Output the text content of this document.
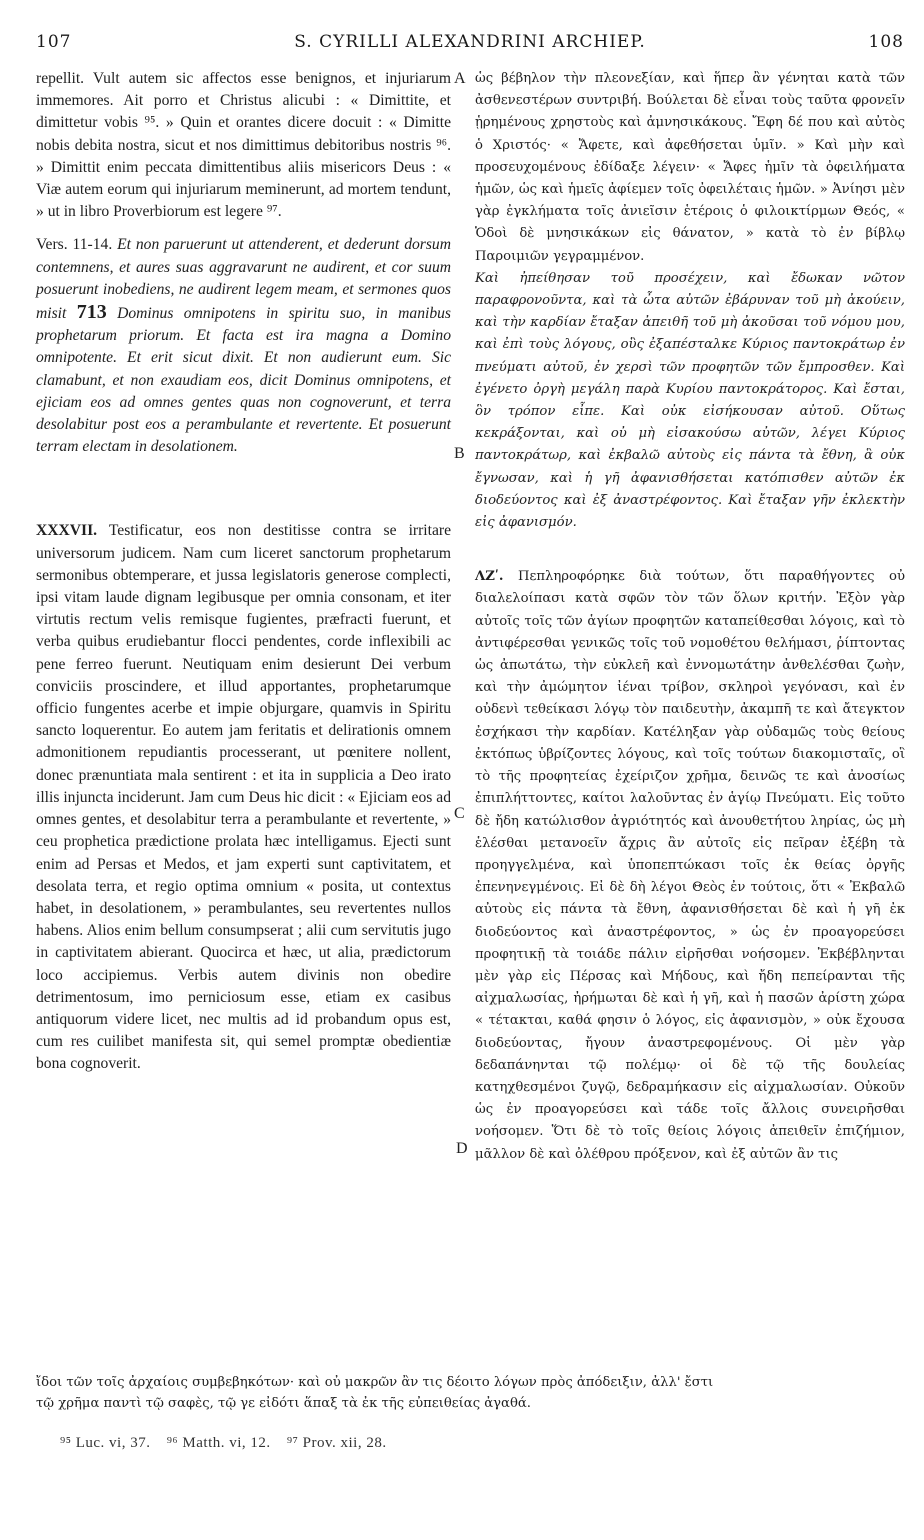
107	S. CYRILLI ALEXANDRINI ARCHIEP.	108
A
B
C
D

repellit. Vult autem sic affectos esse benignos, et injuriarum immemores. Ait porro et Christus alicubi : « Dimittite, et dimittetur vobis ⁹⁵. » Quin et orantes dicere docuit : « Dimitte nobis debita nostra, sicut et nos dimittimus debitoribus nostris ⁹⁶. » Dimittit enim peccata dimittentibus aliis misericors Deus : « Viæ autem eorum qui injuriarum meminerunt, ad mortem tendunt, » ut in libro Proverbiorum est legere ⁹⁷.

Vers. 11-14. Et non paruerunt ut attenderent, et dederunt dorsum contemnens, et aures suas aggravarunt ne audirent, et cor suum posuerunt inobediens, ne audirent legem meam, et sermones quos misit 713 Dominus omnipotens in spiritu suo, in manibus prophetarum priorum. Et facta est ira magna a Domino omnipotente. Et erit sicut dixit. Et non audierunt eum. Sic clamabunt, et non exaudiam eos, dicit Dominus omnipotens, et ejiciam eos ad omnes gentes quas non cognoverunt, et terra desolabitur post eos a perambulante et revertente. Et posuerunt terram electam in desolationem.

XXXVII. Testificatur, eos non destitisse contra se irritare universorum judicem. Nam cum liceret sanctorum prophetarum sermonibus obtemperare, et jussa legislatoris generose complecti, ipsi vitam laude dignam legibusque per omnia consonam, et iter virtutis rectum velis remisque fugientes, præfracti fuerunt, et verba quibus erudiebantur flocci pendentes, corde inflexibili ac pene ferreo fuerunt. Neutiquam enim desierunt Dei verbum conviciis proscindere, et illud apportantes, prophetarumque officio fungentes acerbe et impie objurgare, quamvis in Spiritu sancto loquerentur. Eo autem jam feritatis et delirationis omnem admonitionem repudiantis processerant, ut pœnitere nollent, donec prænuntiata mala sentirent : et ita in supplicia a Deo irato illis injuncta inciderunt. Jam cum Deus hic dicit : « Ejiciam eos ad omnes gentes, et desolabitur terra a perambulante et revertente, » ceu prophetica prædictione prolata hæc intelligamus. Ejecti sunt enim ad Persas et Medos, et jam experti sunt captivitatem, et desolata terra, et regio optima omnium « posita, ut contextus habet, in desolationem, » perambulantes, seu revertentes nullos habens. Alios enim bellum consumpserat ; alii cum servitutis jugo in captivitatem abierant. Quocirca et hæc, ut alia, prædictorum loco accipiemus. Verbis autem divinis non obedire detrimentosum, imo perniciosum esse, etiam ex casibus antiquorum videre licet, nec multis ad id probandum opus est, cum res cuilibet manifesta sit, qui semel promptæ obedientiæ bona cognoverit.

ὡς βέβηλον τὴν πλεονεξίαν, καὶ ἥπερ ἂν γένηται κατὰ τῶν ἀσθενεστέρων συντριβή. Βούλεται δὲ εἶναι τοὺς ταῦτα φρονεῖν ᾑρημένους χρηστοὺς καὶ ἀμνησικάκους. Ἔφη δέ που καὶ αὐτὸς ὁ Χριστός· « Ἄφετε, καὶ ἀφεθήσεται ὑμῖν. » Καὶ μὴν καὶ προσευχομένους ἐδίδαξε λέγειν· « Ἄφες ἡμῖν τὰ ὀφειλήματα ἡμῶν, ὡς καὶ ἡμεῖς ἀφίεμεν τοῖς ὀφειλέταις ἡμῶν. » Ἀνίησι μὲν γὰρ ἐγκλήματα τοῖς ἀνιεῖσιν ἑτέροις ὁ φιλοικτίρμων Θεός, « Ὁδοὶ δὲ μνησικάκων εἰς θάνατον, » κατὰ τὸ ἐν βίβλῳ Παροιμιῶν γεγραμμένον.

Καὶ ἠπείθησαν τοῦ προσέχειν, καὶ ἔδωκαν νῶτον παραφρονοῦντα, καὶ τὰ ὦτα αὐτῶν ἐβάρυναν τοῦ μὴ ἀκούειν, καὶ τὴν καρδίαν ἔταξαν ἀπειθῆ τοῦ μὴ ἀκοῦσαι τοῦ νόμου μου, καὶ ἐπὶ τοὺς λόγους, οὓς ἐξαπέσταλκε Κύριος παντοκράτωρ ἐν πνεύματι αὐτοῦ, ἐν χερσὶ τῶν προφητῶν τῶν ἔμπροσθεν. Καὶ ἐγένετο ὀργὴ μεγάλη παρὰ Κυρίου παντοκράτορος. Καὶ ἔσται, ὃν τρόπον εἶπε. Καὶ οὐκ εἰσήκουσαν αὐτοῦ. Οὕτως κεκράξονται, καὶ οὐ μὴ εἰσακούσω αὐτῶν, λέγει Κύριος παντοκράτωρ, καὶ ἐκβαλῶ αὐτοὺς εἰς πάντα τὰ ἔθνη, ἃ οὐκ ἔγνωσαν, καὶ ἡ γῆ ἀφανισθήσεται κατόπισθεν αὐτῶν ἐκ διοδεύοντος καὶ ἐξ ἀναστρέφοντος. Καὶ ἔταξαν γῆν ἐκλεκτὴν εἰς ἀφανισμόν.

ΛΖʹ. Πεπληροφόρηκε διὰ τούτων, ὅτι παραθήγοντες οὐ διαλελοίπασι κατὰ σφῶν τὸν τῶν ὅλων κριτήν. Ἐξὸν γὰρ αὐτοῖς τοῖς τῶν ἁγίων προφητῶν καταπείθεσθαι λόγοις, καὶ τὸ ἀντιφέρεσθαι γενικῶς τοῖς τοῦ νομοθέτου θελήμασι, ῥίπτοντας ὡς ἀπωτάτω, τὴν εὐκλεῆ καὶ ἐννομωτάτην ἀνθελέσθαι ζωὴν, καὶ τὴν ἀμώμητον ἰέναι τρίβον, σκληροὶ γεγόνασι, καὶ ἐν οὐδενὶ τεθείκασι λόγῳ τὸν παιδευτὴν, ἀκαμπῆ τε καὶ ἄτεγκτον ἐσχήκασι τὴν καρδίαν. Κατέληξαν γὰρ οὐδαμῶς τοὺς θείους ἐκτόπως ὑβρίζοντες λόγους, καὶ τοῖς τούτων διακομισταῖς, οἳ τὸ τῆς προφητείας ἐχείριζον χρῆμα, δεινῶς τε καὶ ἀνοσίως ἐπιπλήττοντες, καίτοι λαλοῦντας ἐν ἁγίῳ Πνεύματι. Εἰς τοῦτο δὲ ἤδη κατώλισθον ἀγριότητός καὶ ἀνουθετήτου ληρίας, ὡς μὴ ἑλέσθαι μετανοεῖν ἄχρις ἂν αὐτοῖς εἰς πεῖραν ἐξέβη τὰ προηγγελμένα, καὶ ὑποπεπτώκασι τοῖς ἐκ θείας ὀργῆς ἐπενηνεγμένοις. Εἰ δὲ δὴ λέγοι Θεὸς ἐν τούτοις, ὅτι « Ἐκβαλῶ αὐτοὺς εἰς πάντα τὰ ἔθνη, ἀφανισθήσεται δὲ καὶ ἡ γῆ ἐκ διοδεύοντος καὶ ἀναστρέφοντος, » ὡς ἐν προαγορεύσει προφητικῇ τὰ τοιάδε πάλιν εἰρῆσθαι νοήσομεν. Ἐκβέβληνται μὲν γὰρ εἰς Πέρσας καὶ Μήδους, καὶ ἤδη πεπείρανται τῆς αἰχμαλωσίας, ἠρήμωται δὲ καὶ ἡ γῆ, καὶ ἡ πασῶν ἀρίστη χώρα « τέτακται, καθά φησιν ὁ λόγος, εἰς ἀφανισμὸν, » οὐκ ἔχουσα διοδεύοντας, ἤγουν ἀναστρεφομένους. Οἱ μὲν γὰρ δεδαπάνηνται τῷ πολέμῳ· οἱ δὲ τῷ τῆς δουλείας κατηχθεσμένοι ζυγῷ, δεδραμήκασιν εἰς αἰχμαλωσίαν. Οὐκοῦν ὡς ἐν προαγορεύσει καὶ τάδε τοῖς ἄλλοις συνειρῆσθαι νοήσομεν. Ὅτι δὲ τὸ τοῖς θείοις λόγοις ἀπειθεῖν ἐπιζήμιον, μᾶλλον δὲ καὶ ὀλέθρου πρόξενον, καὶ ἐξ αὐτῶν ἂν τις

ἴδοι τῶν τοῖς ἀρχαίοις συμβεβηκότων· καὶ οὐ μακρῶν ἂν τις δέοιτο λόγων πρὸς ἀπόδειξιν, ἀλλ' ἔστι

τῷ χρῆμα παντὶ τῷ σαφὲς, τῷ γε εἰδότι ἅπαξ τὰ ἐκ τῆς εὐπειθείας ἀγαθά.

⁹⁵ Luc. vi, 37. ⁹⁶ Matth. vi, 12. ⁹⁷ Prov. xii, 28.
